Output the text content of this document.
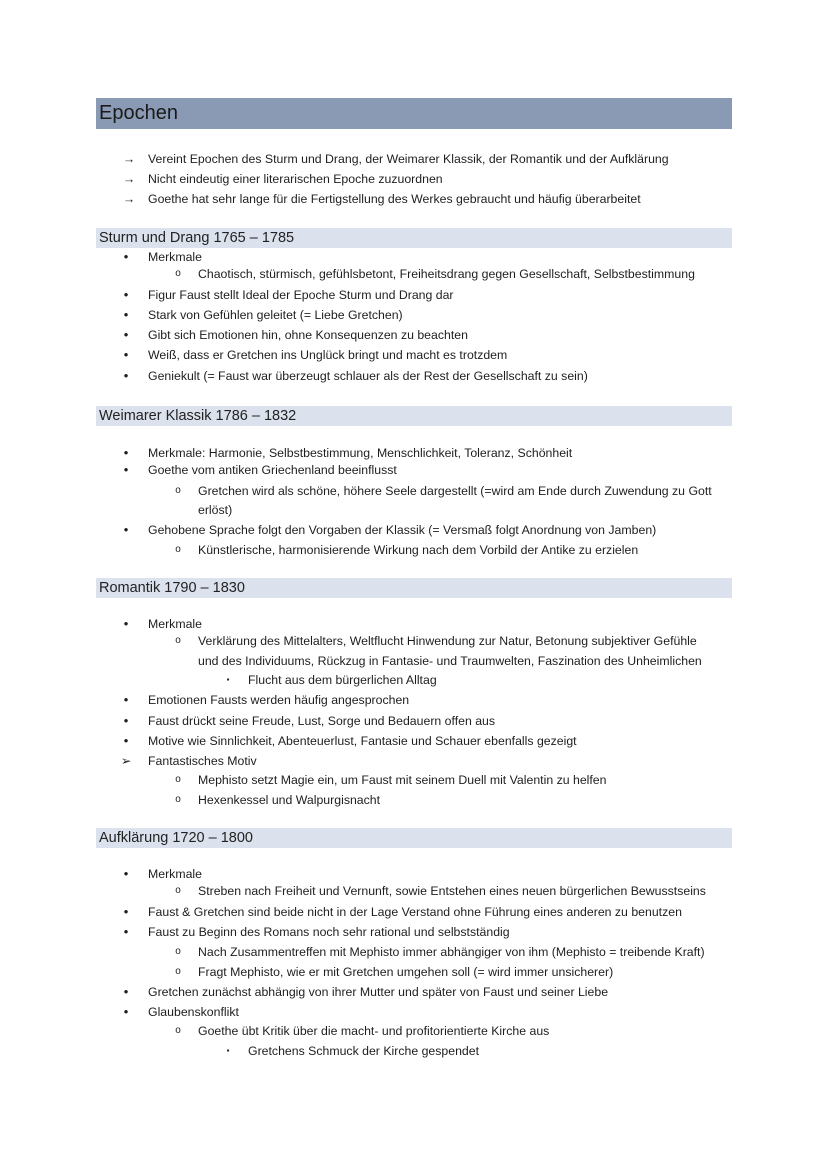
Epochen
→ Vereint Epochen des Sturm und Drang, der Weimarer Klassik, der Romantik und der Aufklärung
→ Nicht eindeutig einer literarischen Epoche zuzuordnen
→ Goethe hat sehr lange für die Fertigstellung des Werkes gebraucht und häufig überarbeitet
Sturm und Drang 1765 – 1785
•	Merkmale
o	Chaotisch, stürmisch, gefühlsbetont, Freiheitsdrang gegen Gesellschaft, Selbstbestimmung
•	Figur Faust stellt Ideal der Epoche Sturm und Drang dar
•	Stark von Gefühlen geleitet (= Liebe Gretchen)
•	Gibt sich Emotionen hin, ohne Konsequenzen zu beachten
•	Weiß, dass er Gretchen ins Unglück bringt und macht es trotzdem
•	Geniekult (= Faust war überzeugt schlauer als der Rest der Gesellschaft zu sein)
Weimarer Klassik 1786 – 1832
•	Merkmale: Harmonie, Selbstbestimmung, Menschlichkeit, Toleranz, Schönheit
•	Goethe vom antiken Griechenland beeinflusst
o	Gretchen wird als schöne, höhere Seele dargestellt (=wird am Ende durch Zuwendung zu Gott
erlöst)
•	Gehobene Sprache folgt den Vorgaben der Klassik (= Versmaß folgt Anordnung von Jamben)
o	Künstlerische, harmonisierende Wirkung nach dem Vorbild der Antike zu erzielen
Romantik 1790 – 1830
•	Merkmale
o	Verklärung des Mittelalters, Weltflucht Hinwendung zur Natur, Betonung subjektiver Gefühle
und des Individuums, Rückzug in Fantasie- und Traumwelten, Faszination des Unheimlichen
▪	Flucht aus dem bürgerlichen Alltag
•	Emotionen Fausts werden häufig angesprochen
•	Faust drückt seine Freude, Lust, Sorge und Bedauern offen aus
•	Motive wie Sinnlichkeit, Abenteuerlust, Fantasie und Schauer ebenfalls gezeigt
➢ Fantastisches Motiv
o	Mephisto setzt Magie ein, um Faust mit seinem Duell mit Valentin zu helfen
o	Hexenkessel und Walpurgisnacht
Aufklärung 1720 – 1800
•	Merkmale
o	Streben nach Freiheit und Vernunft, sowie Entstehen eines neuen bürgerlichen Bewusstseins
•	Faust & Gretchen sind beide nicht in der Lage Verstand ohne Führung eines anderen zu benutzen
•	Faust zu Beginn des Romans noch sehr rational und selbstständig
o	Nach Zusammentreffen mit Mephisto immer abhängiger von ihm (Mephisto = treibende Kraft)
o	Fragt Mephisto, wie er mit Gretchen umgehen soll (= wird immer unsicherer)
•	Gretchen zunächst abhängig von ihrer Mutter und später von Faust und seiner Liebe
•	Glaubenskonflikt
o	Goethe übt Kritik über die macht- und profitorientierte Kirche aus
▪	Gretchens Schmuck der Kirche gespendet
